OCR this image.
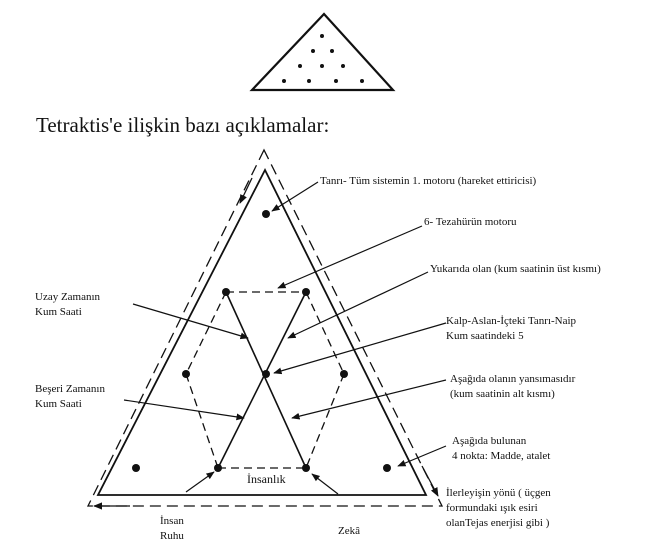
Tetraktis'e ilişkin bazı açıklamalar:
Tanrı- Tüm sistemin 1. motoru (hareket ettiricisi)
6- Tezahürün motoru
Yukarıda olan (kum saatinin üst kısmı)
Uzay Zamanın
Kum Saati
Kalp-Aslan-İçteki Tanrı-Naip
Kum saatindeki 5
Beşeri Zamanın
Kum Saati
Aşağıda olanın yansımasıdır
(kum saatinin alt kısmı)
Aşağıda bulunan
4 nokta: Madde, atalet
İnsanlık
İnsan
Ruhu	Zekâ
İlerleyişin yönü ( üçgen
formundaki ışık esiri
olanTejas enerjisi gibi )
